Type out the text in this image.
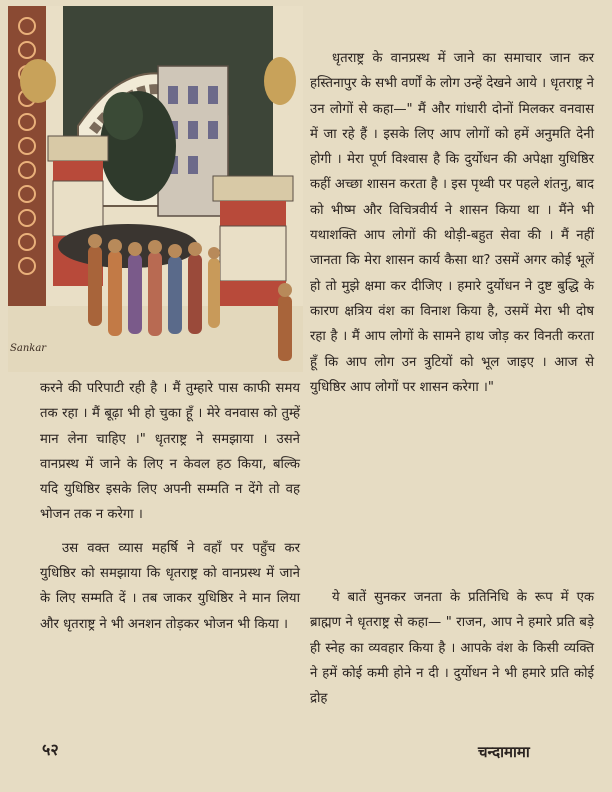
Sankar

धृतराष्ट्र के वानप्रस्थ में जाने का समाचार जान कर हस्तिनापुर के सभी वर्णों के लोग उन्हें देखने आये । धृतराष्ट्र ने उन लोगों से कहा—" मैं और गांधारी दोनों मिलकर वनवास में जा रहे हैं । इसके लिए आप लोगों को हमें अनुमति देनी होगी । मेरा पूर्ण विश्वास है कि दुर्योधन की अपेक्षा युधिष्ठिर कहीं अच्छा शासन करता है । इस पृथ्वी पर पहले शंतनु, बाद को भीष्म और विचित्रवीर्य ने शासन किया था । मैंने भी यथाशक्ति आप लोगों की थोड़ी-बहुत सेवा की । मैं नहीं जानता कि मेरा शासन कार्य कैसा था? उसमें अगर कोई भूलें हो तो मुझे क्षमा कर दीजिए । हमारे दुर्योधन ने दुष्ट बुद्धि के कारण क्षत्रिय वंश का विनाश किया है, उसमें मेरा भी दोष रहा है । मैं आप लोगों के सामने हाथ जोड़ कर विनती करता हूँ कि आप लोग उन त्रुटियों को भूल जाइए । आज से युधिष्ठिर आप लोगों पर शासन करेगा ।"

करने की परिपाटी रही है । मैं तुम्हारे पास काफी समय तक रहा । मैं बूढ़ा भी हो चुका हूँ । मेरे वनवास को तुम्हें मान लेना चाहिए ।" धृतराष्ट्र ने समझाया । उसने वानप्रस्थ में जाने के लिए न केवल हठ किया, बल्कि यदि युधिष्ठिर इसके लिए अपनी सम्मति न देंगे तो वह भोजन तक न करेगा ।

उस वक्त व्यास महर्षि ने वहाँ पर पहुँच कर युधिष्ठिर को समझाया कि धृतराष्ट्र को वानप्रस्थ में जाने के लिए सम्मति दें । तब जाकर युधिष्ठिर ने मान लिया और धृतराष्ट्र ने भी अनशन तोड़कर भोजन भी किया ।

ये बातें सुनकर जनता के प्रतिनिधि के रूप में एक ब्राह्मण ने धृतराष्ट्र से कहा— " राजन, आप ने हमारे प्रति बड़े ही स्नेह का व्यवहार किया है । आपके वंश के किसी व्यक्ति ने हमें कोई कमी होने न दी । दुर्योधन ने भी हमारे प्रति कोई द्रोह

५२	चन्दामामा
